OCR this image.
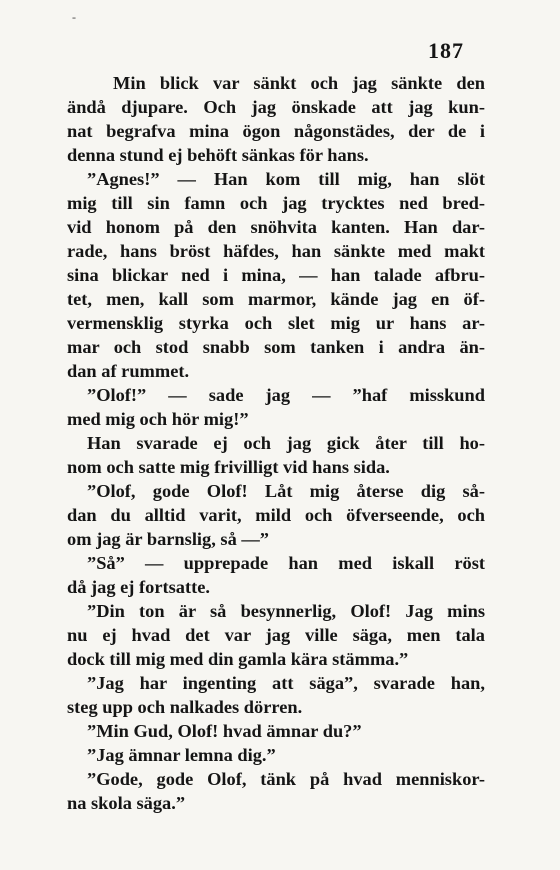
-
187
Min blick var sänkt och jag sänkte den
ändå djupare. Och jag önskade att jag kun-
nat begrafva mina ögon någonstädes, der de i
denna stund ej behöft sänkas för hans.
”Agnes!” — Han kom till mig, han slöt
mig till sin famn och jag trycktes ned bred-
vid honom på den snöhvita kanten. Han dar-
rade, hans bröst häfdes, han sänkte med makt
sina blickar ned i mina, — han talade afbru-
tet, men, kall som marmor, kände jag en öf-
vermensklig styrka och slet mig ur hans ar-
mar och stod snabb som tanken i andra än-
dan af rummet.
”Olof!” — sade jag — ”haf misskund
med mig och hör mig!”
Han svarade ej och jag gick åter till ho-
nom och satte mig frivilligt vid hans sida.
”Olof, gode Olof! Låt mig återse dig så-
dan du alltid varit, mild och öfverseende, och
om jag är barnslig, så —”
”Så” — upprepade han med iskall röst
då jag ej fortsatte.
”Din ton är så besynnerlig, Olof! Jag mins
nu ej hvad det var jag ville säga, men tala
dock till mig med din gamla kära stämma.”
”Jag har ingenting att säga”, svarade han,
steg upp och nalkades dörren.
”Min Gud, Olof! hvad ämnar du?”
”Jag ämnar lemna dig.”
”Gode, gode Olof, tänk på hvad menniskor-
na skola säga.”
